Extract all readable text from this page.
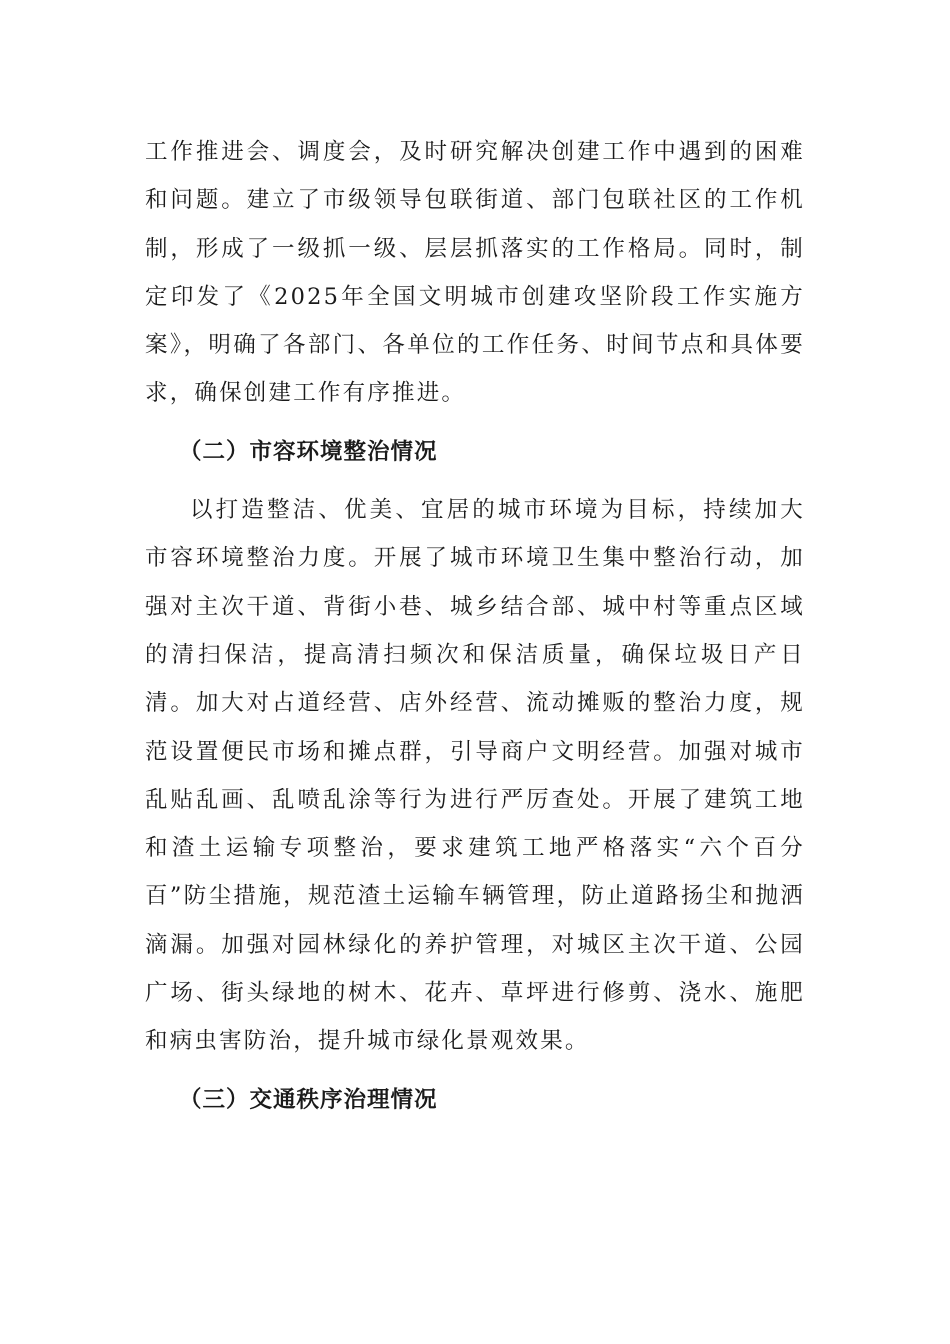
工作推进会、调度会，及时研究解决创建工作中遇到的困难和问题。建立了市级领导包联街道、部门包联社区的工作机制，形成了一级抓一级、层层抓落实的工作格局。同时，制定印发了《2025年全国文明城市创建攻坚阶段工作实施方案》，明确了各部门、各单位的工作任务、时间节点和具体要求，确保创建工作有序推进。

（二）市容环境整治情况

以打造整洁、优美、宜居的城市环境为目标，持续加大市容环境整治力度。开展了城市环境卫生集中整治行动，加强对主次干道、背街小巷、城乡结合部、城中村等重点区域的清扫保洁，提高清扫频次和保洁质量，确保垃圾日产日清。加大对占道经营、店外经营、流动摊贩的整治力度，规范设置便民市场和摊点群，引导商户文明经营。加强对城市乱贴乱画、乱喷乱涂等行为进行严厉查处。开展了建筑工地和渣土运输专项整治，要求建筑工地严格落实“六个百分百”防尘措施，规范渣土运输车辆管理，防止道路扬尘和抛洒滴漏。加强对园林绿化的养护管理，对城区主次干道、公园广场、街头绿地的树木、花卉、草坪进行修剪、浇水、施肥和病虫害防治，提升城市绿化景观效果。

（三）交通秩序治理情况
